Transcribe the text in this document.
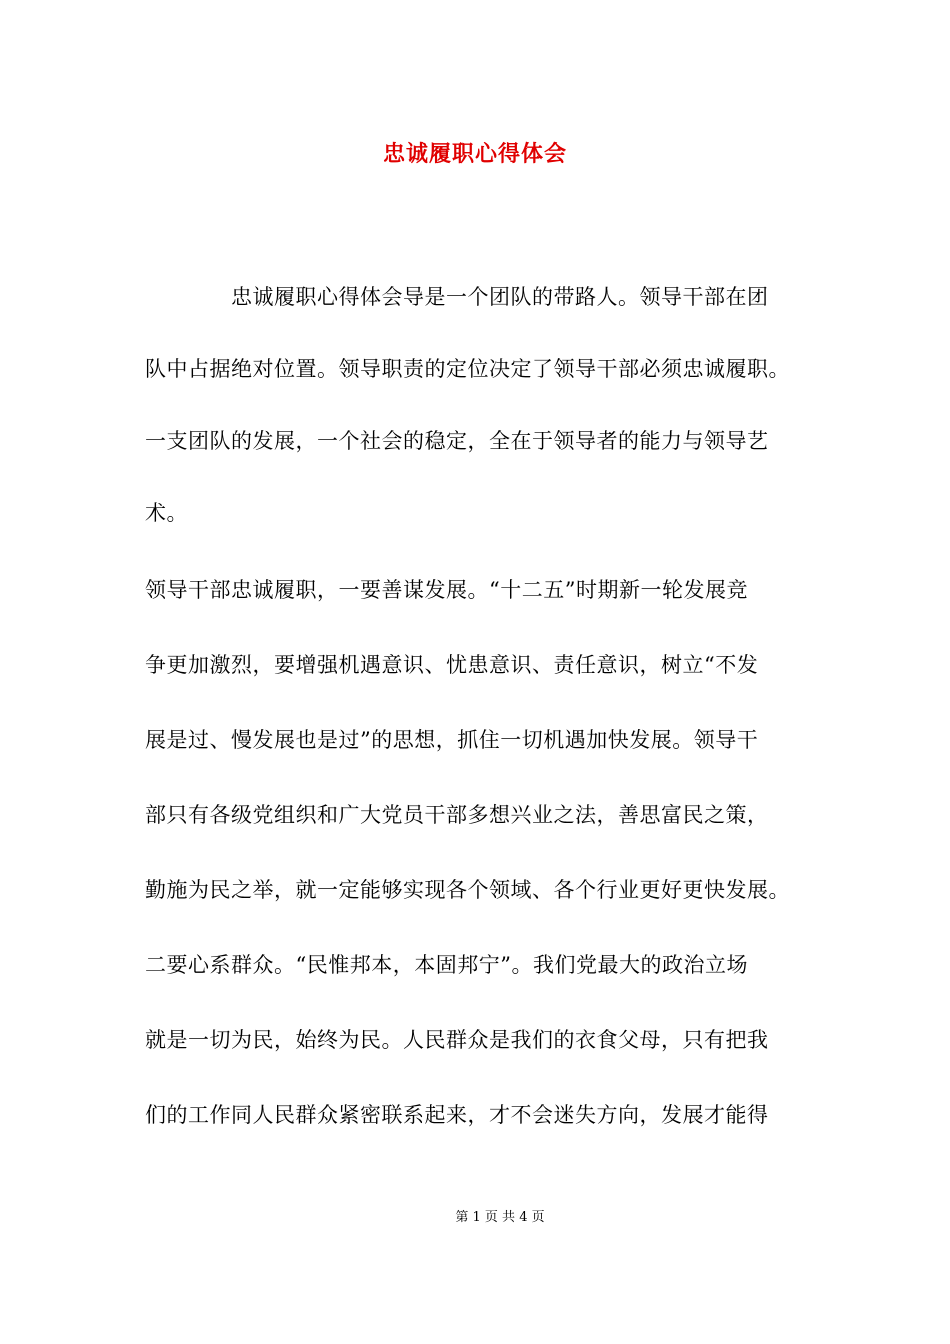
忠诚履职心得体会
　　　　忠诚履职心得体会导是一个团队的带路人。领导干部在团
队中占据绝对位置。领导职责的定位决定了领导干部必须忠诚履职。
一支团队的发展，一个社会的稳定，全在于领导者的能力与领导艺
术。
领导干部忠诚履职，一要善谋发展。“十二五”时期新一轮发展竞
争更加激烈，要增强机遇意识、忧患意识、责任意识，树立“不发
展是过、慢发展也是过”的思想，抓住一切机遇加快发展。领导干
部只有各级党组织和广大党员干部多想兴业之法，善思富民之策，
勤施为民之举，就一定能够实现各个领域、各个行业更好更快发展。
二要心系群众。“民惟邦本，本固邦宁”。我们党最大的政治立场
就是一切为民，始终为民。人民群众是我们的衣食父母，只有把我
们的工作同人民群众紧密联系起来，才不会迷失方向，发展才能得
第 1 页 共 4 页
